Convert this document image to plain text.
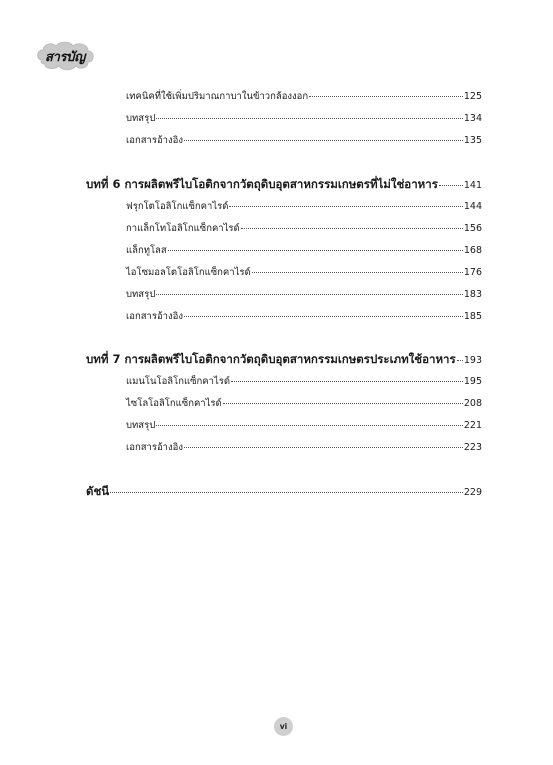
สารบัญ
เทคนิคที่ใช้เพิ่มปริมาณกาบาในข้าวกล้องงอก	125
บทสรุป	134
เอกสารอ้างอิง	135
บทที่ 6 การผลิตพรีไบโอติกจากวัตถุดิบอุตสาหกรรมเกษตรที่ไม่ใช่อาหาร	141
ฟรุกโตโอลิโกแซ็กคาไรด์	144
กาแล็กโทโอลิโกแซ็กคาไรด์	156
แล็กทูโลส	168
ไอโซมอลโตโอลิโกแซ็กคาไรด์	176
บทสรุป	183
เอกสารอ้างอิง	185
บทที่ 7 การผลิตพรีไบโอติกจากวัตถุดิบอุตสาหกรรมเกษตรประเภทใช้อาหาร 193
แมนโนโอลิโกแซ็กคาไรด์	195
ไซโลโอลิโกแซ็กคาไรด์	208
บทสรุป	221
เอกสารอ้างอิง	223
ดัชนี	229
vi
